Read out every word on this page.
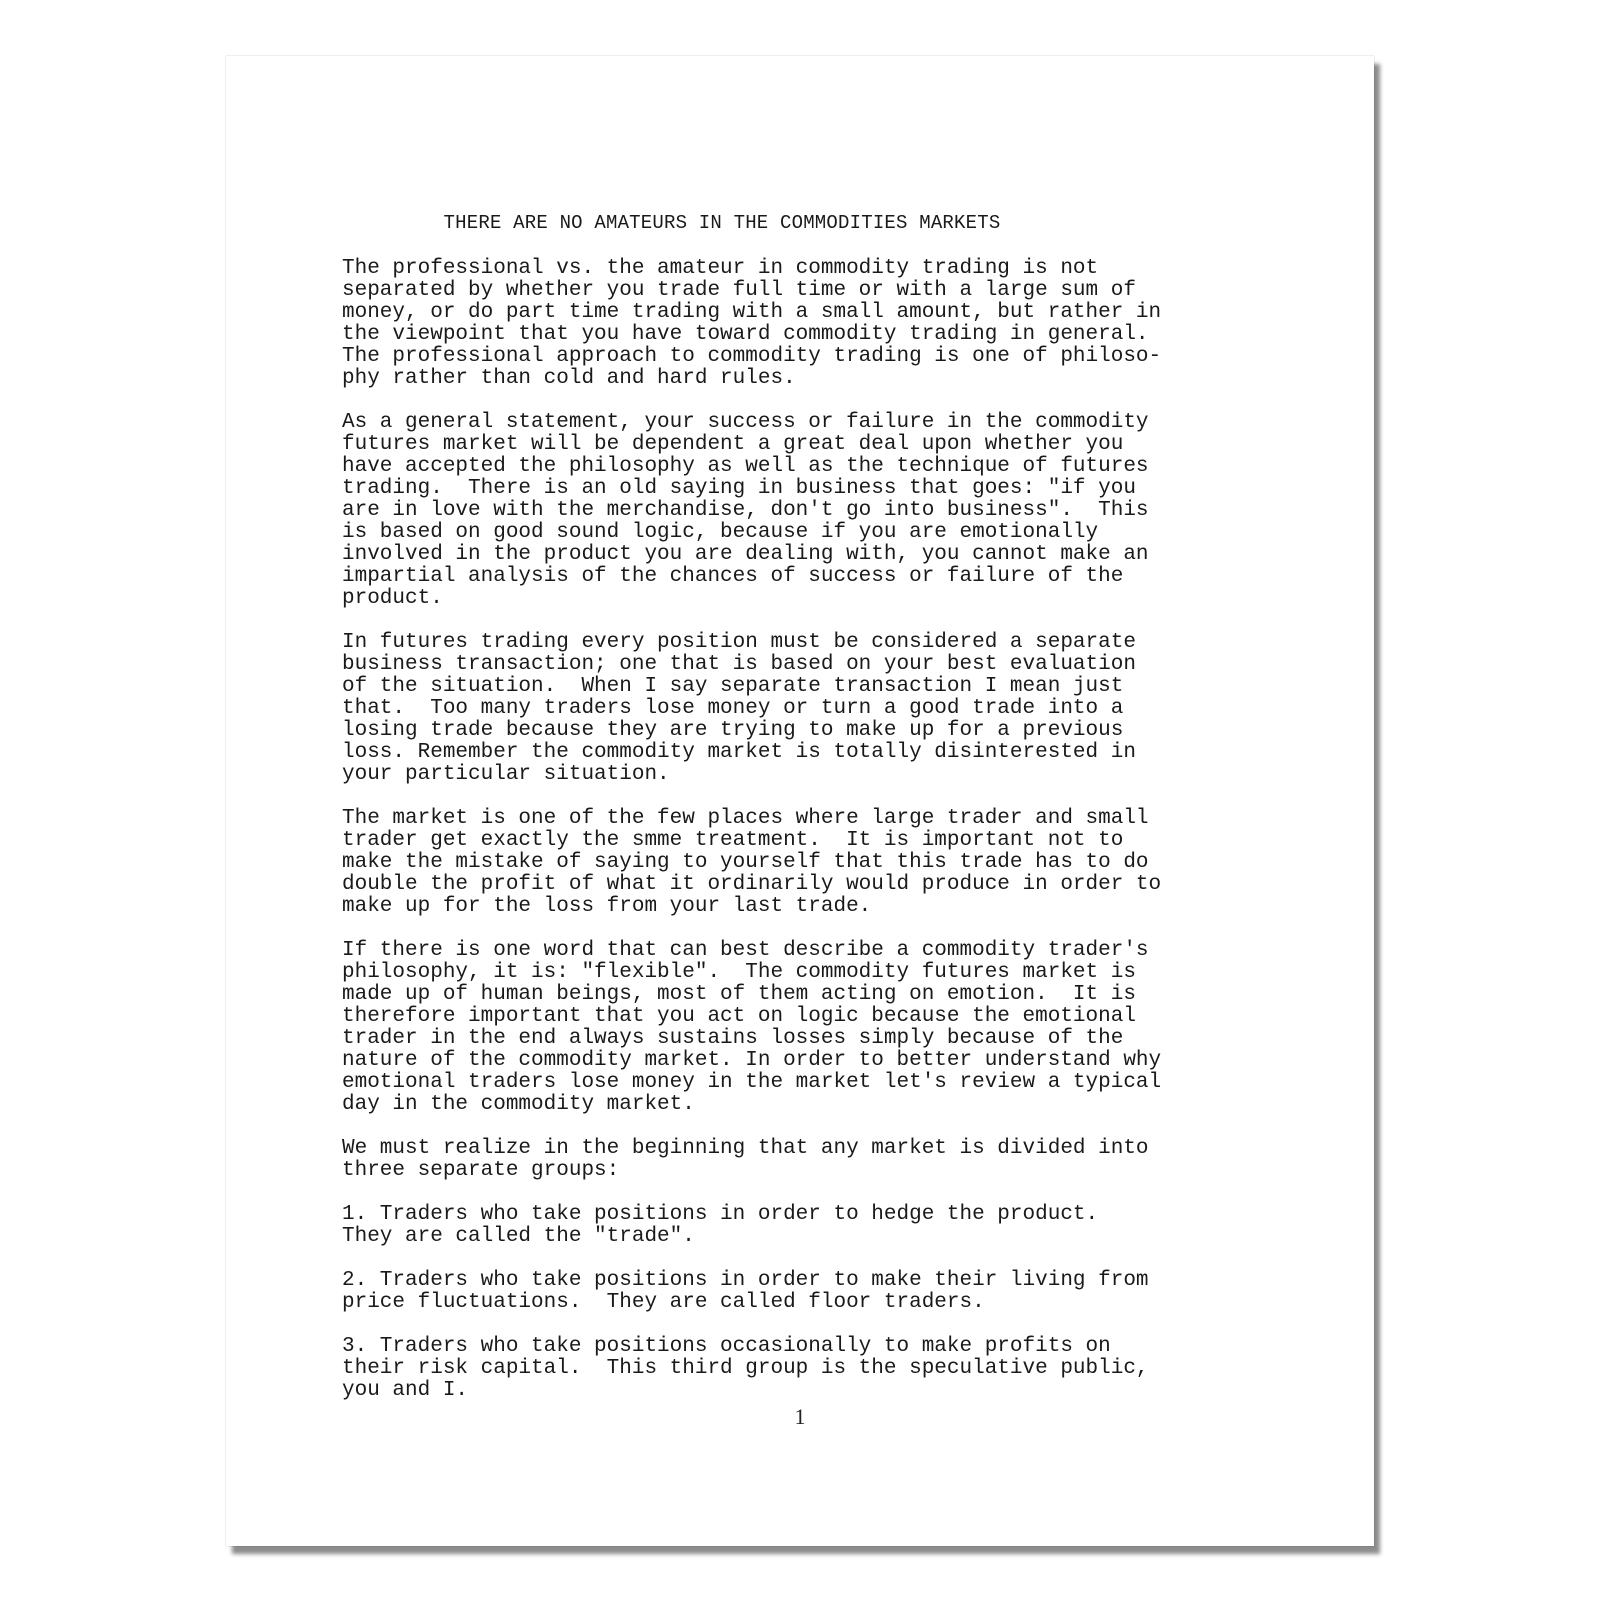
THERE ARE NO AMATEURS IN THE COMMODITIES MARKETS
The professional vs. the amateur in commodity trading is not
separated by whether you trade full time or with a large sum of
money, or do part time trading with a small amount, but rather in
the viewpoint that you have toward commodity trading in general.
The professional approach to commodity trading is one of philoso-
phy rather than cold and hard rules.
As a general statement, your success or failure in the commodity
futures market will be dependent a great deal upon whether you
have accepted the philosophy as well as the technique of futures
trading.  There is an old saying in business that goes: "if you
are in love with the merchandise, don't go into business".  This
is based on good sound logic, because if you are emotionally
involved in the product you are dealing with, you cannot make an
impartial analysis of the chances of success or failure of the
product.
In futures trading every position must be considered a separate
business transaction; one that is based on your best evaluation
of the situation.  When I say separate transaction I mean just
that.  Too many traders lose money or turn a good trade into a
losing trade because they are trying to make up for a previous
loss. Remember the commodity market is totally disinterested in
your particular situation.
The market is one of the few places where large trader and small
trader get exactly the smme treatment.  It is important not to
make the mistake of saying to yourself that this trade has to do
double the profit of what it ordinarily would produce in order to
make up for the loss from your last trade.
If there is one word that can best describe a commodity trader's
philosophy, it is: "flexible".  The commodity futures market is
made up of human beings, most of them acting on emotion.  It is
therefore important that you act on logic because the emotional
trader in the end always sustains losses simply because of the
nature of the commodity market. In order to better understand why
emotional traders lose money in the market let's review a typical
day in the commodity market.
We must realize in the beginning that any market is divided into
three separate groups:
1. Traders who take positions in order to hedge the product.
They are called the "trade".
2. Traders who take positions in order to make their living from
price fluctuations.  They are called floor traders.
3. Traders who take positions occasionally to make profits on
their risk capital.  This third group is the speculative public,
you and I.
1
